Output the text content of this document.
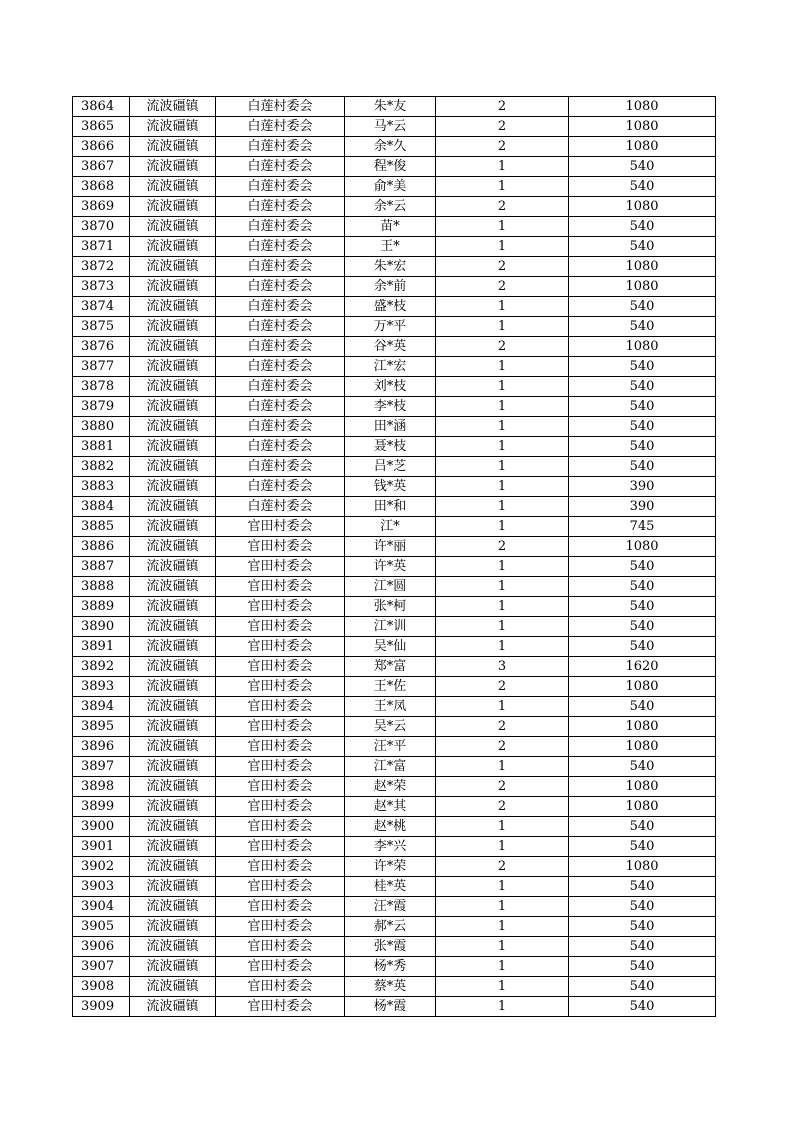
3864	流波礓镇	白莲村委会	朱*友	2	1080
3865	流波礓镇	白莲村委会	马*云	2	1080
3866	流波礓镇	白莲村委会	余*久	2	1080
3867	流波礓镇	白莲村委会	程*俊	1	540
3868	流波礓镇	白莲村委会	俞*美	1	540
3869	流波礓镇	白莲村委会	余*云	2	1080
3870	流波礓镇	白莲村委会	苗*	1	540
3871	流波礓镇	白莲村委会	王*	1	540
3872	流波礓镇	白莲村委会	朱*宏	2	1080
3873	流波礓镇	白莲村委会	余*前	2	1080
3874	流波礓镇	白莲村委会	盛*枝	1	540
3875	流波礓镇	白莲村委会	万*平	1	540
3876	流波礓镇	白莲村委会	谷*英	2	1080
3877	流波礓镇	白莲村委会	江*宏	1	540
3878	流波礓镇	白莲村委会	刘*枝	1	540
3879	流波礓镇	白莲村委会	李*枝	1	540
3880	流波礓镇	白莲村委会	田*涵	1	540
3881	流波礓镇	白莲村委会	聂*枝	1	540
3882	流波礓镇	白莲村委会	吕*芝	1	540
3883	流波礓镇	白莲村委会	钱*英	1	390
3884	流波礓镇	白莲村委会	田*和	1	390
3885	流波礓镇	官田村委会	江*	1	745
3886	流波礓镇	官田村委会	许*丽	2	1080
3887	流波礓镇	官田村委会	许*英	1	540
3888	流波礓镇	官田村委会	江*圆	1	540
3889	流波礓镇	官田村委会	张*柯	1	540
3890	流波礓镇	官田村委会	江*训	1	540
3891	流波礓镇	官田村委会	吴*仙	1	540
3892	流波礓镇	官田村委会	郑*富	3	1620
3893	流波礓镇	官田村委会	王*佐	2	1080
3894	流波礓镇	官田村委会	王*凤	1	540
3895	流波礓镇	官田村委会	吴*云	2	1080
3896	流波礓镇	官田村委会	汪*平	2	1080
3897	流波礓镇	官田村委会	江*富	1	540
3898	流波礓镇	官田村委会	赵*荣	2	1080
3899	流波礓镇	官田村委会	赵*其	2	1080
3900	流波礓镇	官田村委会	赵*桃	1	540
3901	流波礓镇	官田村委会	李*兴	1	540
3902	流波礓镇	官田村委会	许*荣	2	1080
3903	流波礓镇	官田村委会	桂*英	1	540
3904	流波礓镇	官田村委会	汪*霞	1	540
3905	流波礓镇	官田村委会	郝*云	1	540
3906	流波礓镇	官田村委会	张*霞	1	540
3907	流波礓镇	官田村委会	杨*秀	1	540
3908	流波礓镇	官田村委会	蔡*英	1	540
3909	流波礓镇	官田村委会	杨*霞	1	540
